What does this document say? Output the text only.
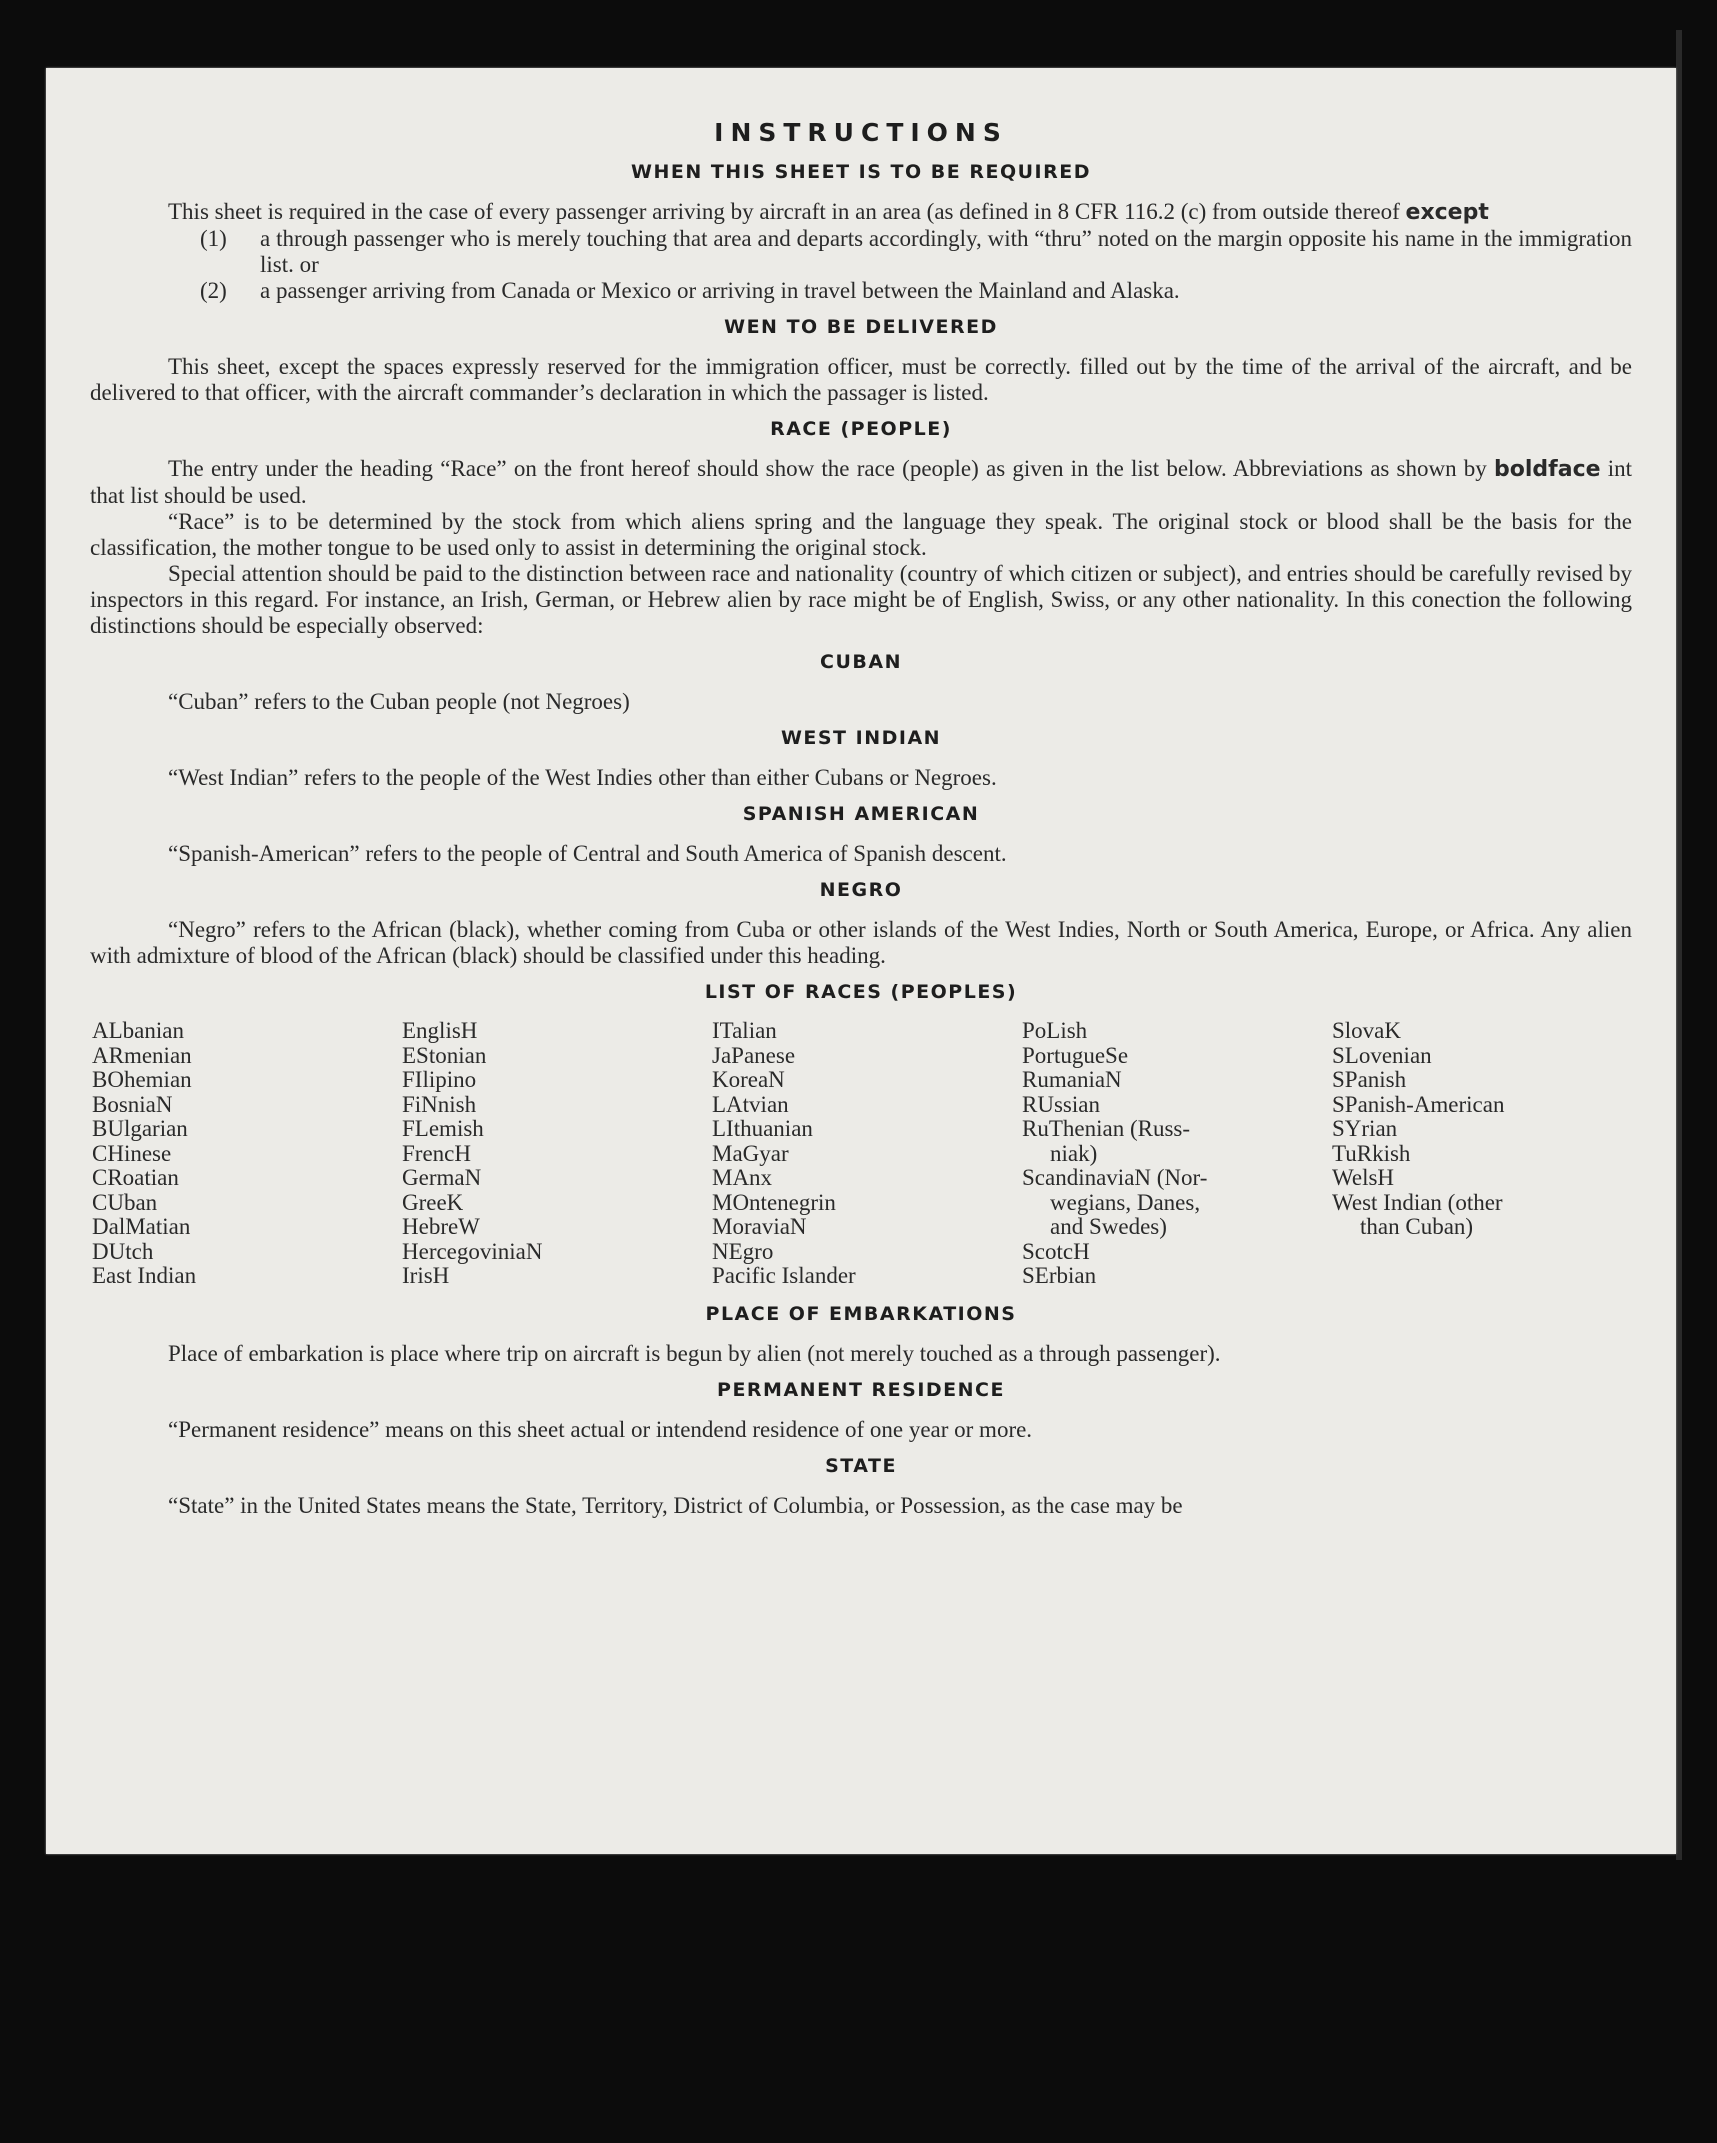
INSTRUCTIONS
WHEN THIS SHEET IS TO BE REQUIRED

This sheet is required in the case of every passenger arriving by aircraft in an area (as defined in 8 CFR 116.2 (c) from outside thereof except

(1) a through passenger who is merely touching that area and departs accordingly, with “thru” noted on the margin opposite his name in the immigration list. or

(2) a passenger arriving from Canada or Mexico or arriving in travel between the Mainland and Alaska.

WEN TO BE DELIVERED

This sheet, except the spaces expressly reserved for the immigration officer, must be correctly. filled out by the time of the arrival of the aircraft, and be delivered to that officer, with the aircraft commander’s declaration in which the passager is listed.

RACE (PEOPLE)

The entry under the heading “Race” on the front hereof should show the race (people) as given in the list below. Abbreviations as shown by boldface int that list should be used.

“Race” is to be determined by the stock from which aliens spring and the language they speak. The original stock or blood shall be the basis for the classification, the mother tongue to be used only to assist in determining the original stock.

Special attention should be paid to the distinction between race and nationality (country of which citizen or subject), and entries should be carefully revised by inspectors in this regard. For instance, an Irish, German, or Hebrew alien by race might be of English, Swiss, or any other nationality. In this conection the following distinctions should be especially observed:

CUBAN

“Cuban” refers to the Cuban people (not Negroes)

WEST INDIAN

“West Indian” refers to the people of the West Indies other than either Cubans or Negroes.

SPANISH AMERICAN

“Spanish-American” refers to the people of Central and South America of Spanish descent.

NEGRO

“Negro” refers to the African (black), whether coming from Cuba or other islands of the West Indies, North or South America, Europe, or Africa. Any alien with admixture of blood of the African (black) should be classified under this heading.

LIST OF RACES (PEOPLES)
ALbanian
ARmenian
BOhemian
BosniaN
BUlgarian
CHinese
CRoatian
CUban
DalMatian
DUtch
East Indian
EnglisH
EStonian
FIlipino
FiNnish
FLemish
FrencH
GermaN
GreeK
HebreW
HercegoviniaN
IrisH
ITalian
JaPanese
KoreaN
LAtvian
LIthuanian
MaGyar
MAnx
MOntenegrin
MoraviaN
NEgro
Pacific Islander
PoLish
PortugueSe
RumaniaN
RUssian
RuThenian (Russ-
niak)
ScandinaviaN (Nor-
wegians, Danes,
and Swedes)
ScotcH
SErbian
SlovaK
SLovenian
SPanish
SPanish-American
SYrian
TuRkish
WelsH
West Indian (other
than Cuban)
PLACE OF EMBARKATIONS

Place of embarkation is place where trip on aircraft is begun by alien (not merely touched as a through passenger).

PERMANENT RESIDENCE

“Permanent residence” means on this sheet actual or intendend residence of one year or more.

STATE

“State” in the United States means the State, Territory, District of Columbia, or Possession, as the case may be
